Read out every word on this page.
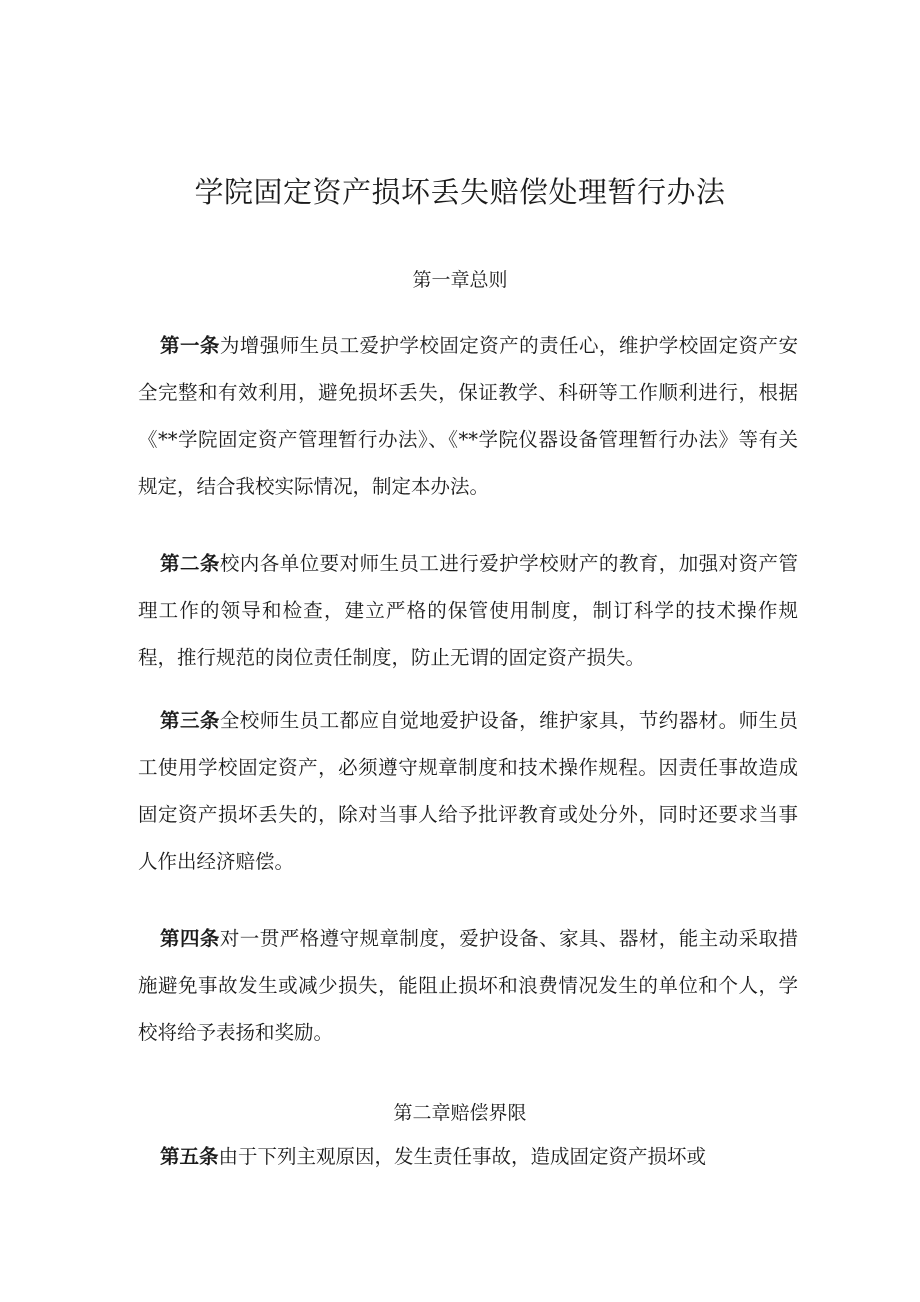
学院固定资产损坏丢失赔偿处理暂行办法
第一章总则

第一条为增强师生员工爱护学校固定资产的责任心，维护学校固定资产安全完整和有效利用，避免损坏丢失，保证教学、科研等工作顺利进行，根据《**学院固定资产管理暂行办法》、《**学院仪器设备管理暂行办法》等有关规定，结合我校实际情况，制定本办法。

第二条校内各单位要对师生员工进行爱护学校财产的教育，加强对资产管理工作的领导和检查，建立严格的保管使用制度，制订科学的技术操作规程，推行规范的岗位责任制度，防止无谓的固定资产损失。

第三条全校师生员工都应自觉地爱护设备，维护家具，节约器材。师生员工使用学校固定资产，必须遵守规章制度和技术操作规程。因责任事故造成固定资产损坏丢失的，除对当事人给予批评教育或处分外，同时还要求当事人作出经济赔偿。

第四条对一贯严格遵守规章制度，爱护设备、家具、器材，能主动采取措施避免事故发生或减少损失，能阻止损坏和浪费情况发生的单位和个人，学校将给予表扬和奖励。

第二章赔偿界限

第五条由于下列主观原因，发生责任事故，造成固定资产损坏或
